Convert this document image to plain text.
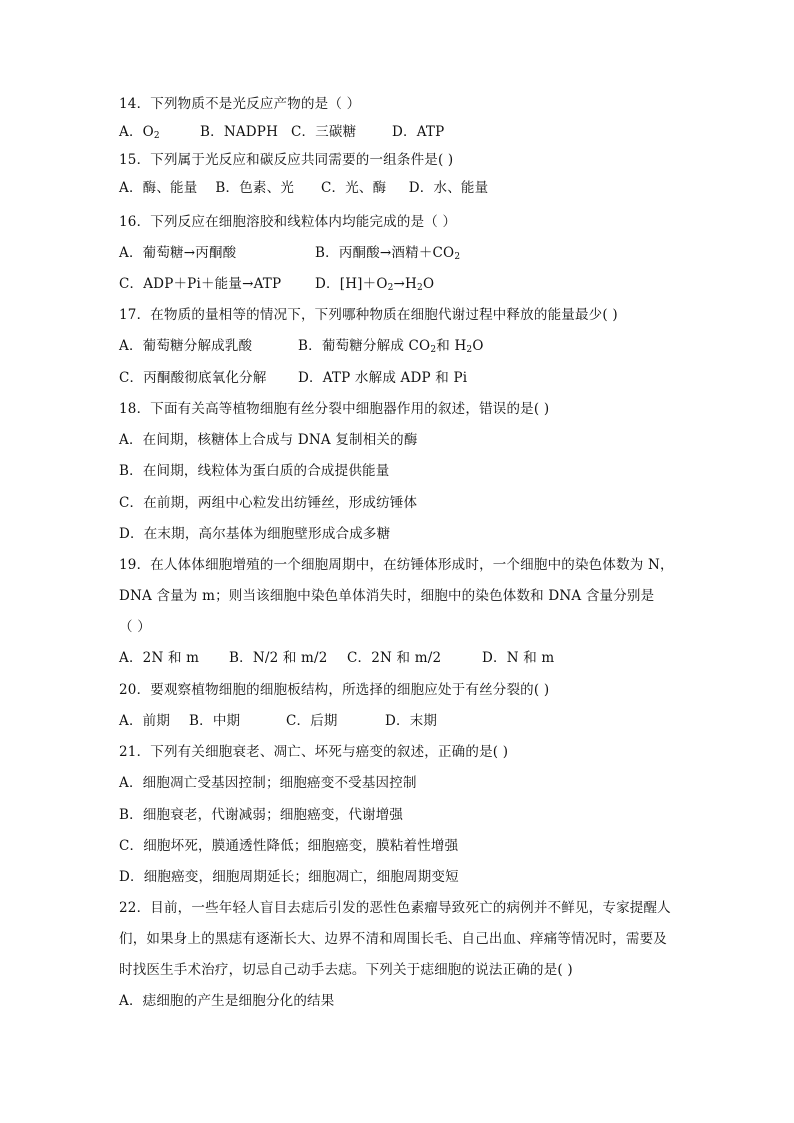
14．下列物质不是光反应产物的是（ ）
A．$O_2$	B．NADPH C．三碳糖	D．ATP
15．下列属于光反应和碳反应共同需要的一组条件是( )
A．酶、能量    B．色素、光      C．光、酶     D．水、能量
16．下列反应在细胞溶胶和线粒体内均能完成的是（ ）
A．葡萄糖→丙酮酸	B．丙酮酸→酒精$+CO_2$
C．ADP＋Pi＋能量→ATP D．$[H]+O_2\to H_2O$
17．在物质的量相等的情况下，下列哪种物质在细胞代谢过程中释放的能量最少( )
A．葡萄糖分解成乳酸	B．葡萄糖分解成 $CO_2$和 $H_2O$
C．丙酮酸彻底氧化分解 D．ATP 水解成 ADP 和 Pi
18．下面有关高等植物细胞有丝分裂中细胞器作用的叙述，错误的是( )
A．在间期，核糖体上合成与 DNA 复制相关的酶
B．在间期，线粒体为蛋白质的合成提供能量
C．在前期，两组中心粒发出纺锤丝，形成纺锤体
D．在末期，高尔基体为细胞壁形成合成多糖
19．在人体体细胞增殖的一个细胞周期中，在纺锤体形成时，一个细胞中的染色体数为 N，
DNA 含量为 m；则当该细胞中染色单体消失时，细胞中的染色体数和 DNA 含量分别是
（ ）
A．2N 和 m B．N/2 和 m/2 C．2N 和 m/2	D．N 和 m
20．要观察植物细胞的细胞板结构，所选择的细胞应处于有丝分裂的( )
A．前期 B．中期	C．后期	D．末期
21．下列有关细胞衰老、凋亡、坏死与癌变的叙述，正确的是( )
A．细胞凋亡受基因控制；细胞癌变不受基因控制
B．细胞衰老，代谢减弱；细胞癌变，代谢增强
C．细胞坏死，膜通透性降低；细胞癌变，膜粘着性增强
D．细胞癌变，细胞周期延长；细胞凋亡，细胞周期变短
22．目前，一些年轻人盲目去痣后引发的恶性色素瘤导致死亡的病例并不鲜见，专家提醒人
们，如果身上的黑痣有逐渐长大、边界不清和周围长毛、自己出血、痒痛等情况时，需要及
时找医生手术治疗，切忌自己动手去痣。下列关于痣细胞的说法正确的是( )
A．痣细胞的产生是细胞分化的结果
